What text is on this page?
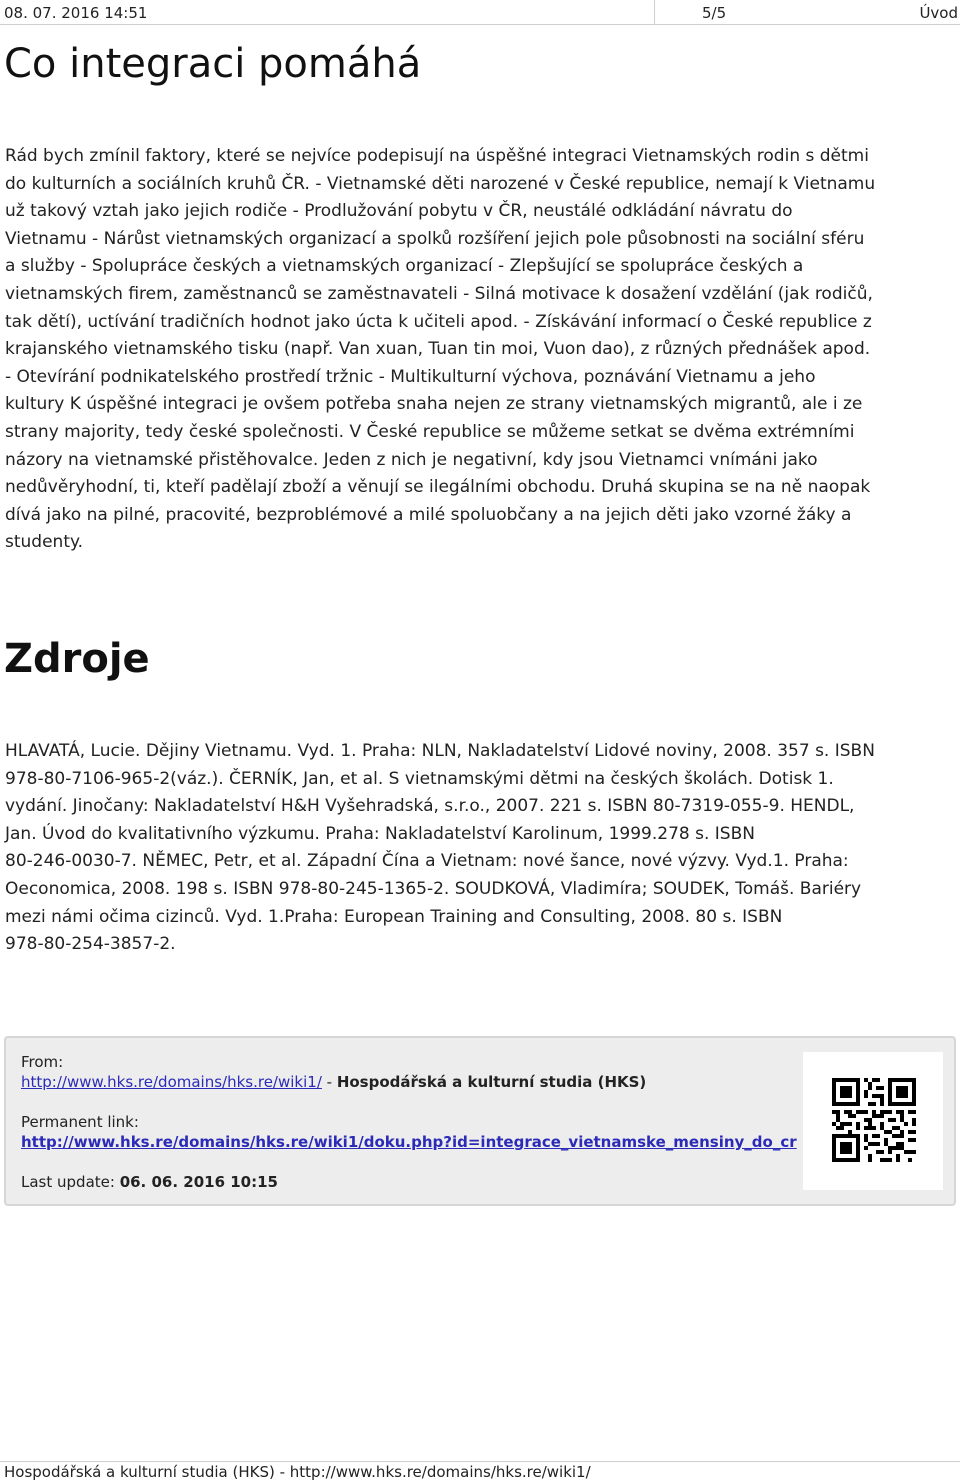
08. 07. 2016 14:51	5/5	Úvod
Co integraci pomáhá
Rád bych zmínil faktory, které se nejvíce podepisují na úspěšné integraci Vietnamských rodin s dětmi
do kulturních a sociálních kruhů ČR. - Vietnamské děti narozené v České republice, nemají k Vietnamu
už takový vztah jako jejich rodiče - Prodlužování pobytu v ČR, neustálé odkládání návratu do
Vietnamu - Nárůst vietnamských organizací a spolků rozšíření jejich pole působnosti na sociální sféru
a služby - Spolupráce českých a vietnamských organizací - Zlepšující se spolupráce českých a
vietnamských firem, zaměstnanců se zaměstnavateli - Silná motivace k dosažení vzdělání (jak rodičů,
tak dětí), uctívání tradičních hodnot jako úcta k učiteli apod. - Získávání informací o České republice z
krajanského vietnamského tisku (např. Van xuan, Tuan tin moi, Vuon dao), z různých přednášek apod.
- Otevírání podnikatelského prostředí tržnic - Multikulturní výchova, poznávání Vietnamu a jeho
kultury K úspěšné integraci je ovšem potřeba snaha nejen ze strany vietnamských migrantů, ale i ze
strany majority, tedy české společnosti. V České republice se můžeme setkat se dvěma extrémními
názory na vietnamské přistěhovalce. Jeden z nich je negativní, kdy jsou Vietnamci vnímáni jako
nedůvěryhodní, ti, kteří padělají zboží a věnují se ilegálními obchodu. Druhá skupina se na ně naopak
dívá jako na pilné, pracovité, bezproblémové a milé spoluobčany a na jejich děti jako vzorné žáky a
studenty.
Zdroje
HLAVATÁ, Lucie. Dějiny Vietnamu. Vyd. 1. Praha: NLN, Nakladatelství Lidové noviny, 2008. 357 s. ISBN
978-80-7106-965-2(váz.). ČERNÍK, Jan, et al. S vietnamskými dětmi na českých školách. Dotisk 1.
vydání. Jinočany: Nakladatelství H&H Vyšehradská, s.r.o., 2007. 221 s. ISBN 80-7319-055-9. HENDL,
Jan. Úvod do kvalitativního výzkumu. Praha: Nakladatelství Karolinum, 1999.278 s. ISBN
80-246-0030-7. NĚMEC, Petr, et al. Západní Čína a Vietnam: nové šance, nové výzvy. Vyd.1. Praha:
Oeconomica, 2008. 198 s. ISBN 978-80-245-1365-2. SOUDKOVÁ, Vladimíra; SOUDEK, Tomáš. Bariéry
mezi námi očima cizinců. Vyd. 1.Praha: European Training and Consulting, 2008. 80 s. ISBN
978-80-254-3857-2.
From:
http://www.hks.re/domains/hks.re/wiki1/ - Hospodářská a kulturní studia (HKS)
Permanent link:
http://www.hks.re/domains/hks.re/wiki1/doku.php?id=integrace_vietnamske_mensiny_do_cr
Last update: 06. 06. 2016 10:15
Hospodářská a kulturní studia (HKS) - http://www.hks.re/domains/hks.re/wiki1/
